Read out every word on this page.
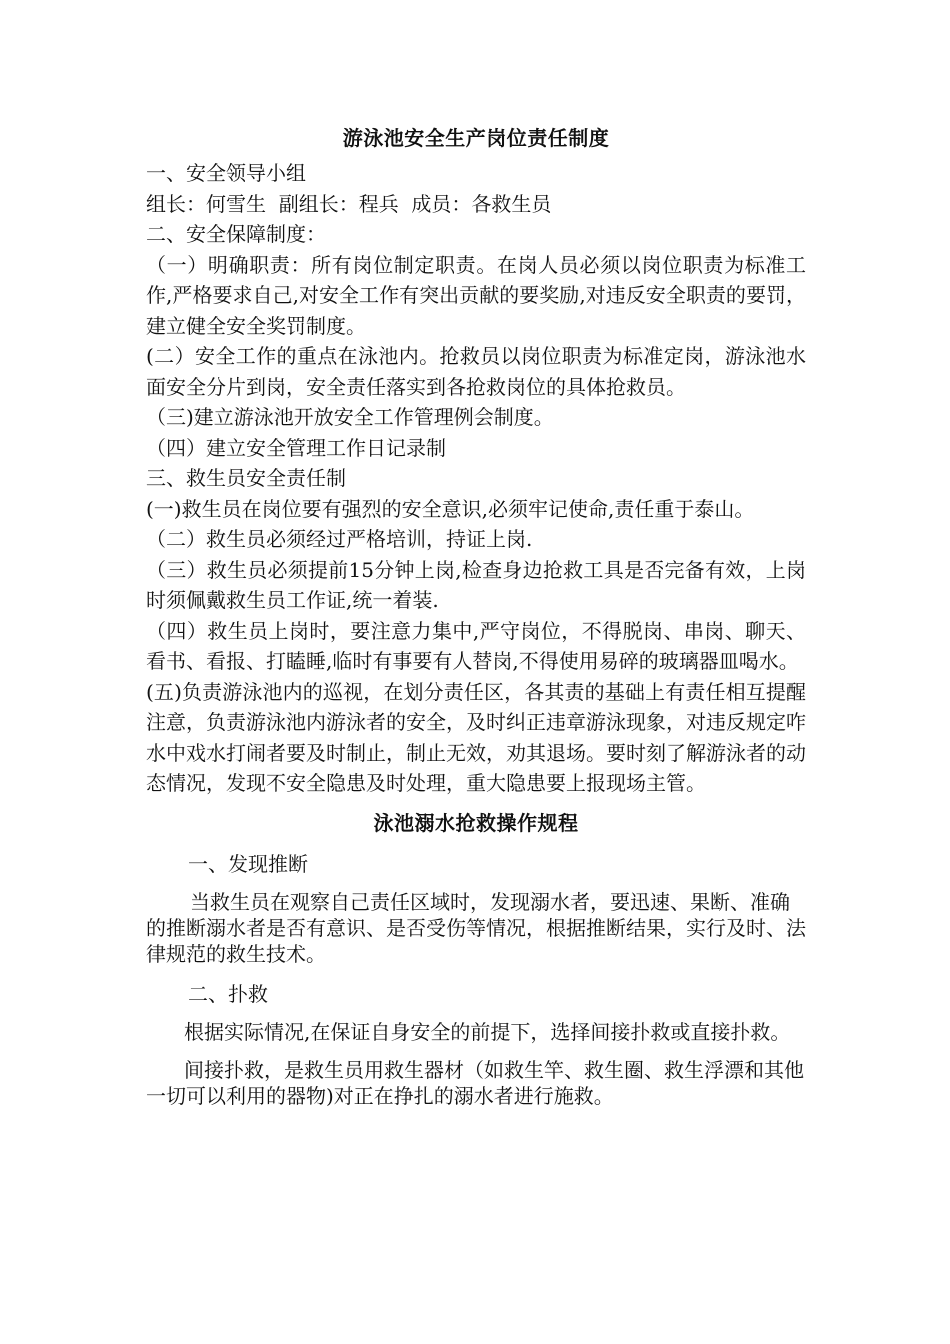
游泳池安全生产岗位责任制度
一、安全领导小组
组长：何雪生  副组长：程兵  成员：各救生员
二、安全保障制度：
（一）明确职责：所有岗位制定职责。在岗人员必须以岗位职责为标准工作,严格要求自己,对安全工作有突出贡献的要奖励,对违反安全职责的要罚，建立健全安全奖罚制度。
(二）安全工作的重点在泳池内。抢救员以岗位职责为标准定岗，游泳池水面安全分片到岗，安全责任落实到各抢救岗位的具体抢救员。
（三)建立游泳池开放安全工作管理例会制度。
（四）建立安全管理工作日记录制
三、救生员安全责任制
(一)救生员在岗位要有强烈的安全意识,必须牢记使命,责任重于泰山。
（二）救生员必须经过严格培训，持证上岗.
（三）救生员必须提前15分钟上岗,检查身边抢救工具是否完备有效，上岗时须佩戴救生员工作证,统一着装.
（四）救生员上岗时，要注意力集中,严守岗位，不得脱岗、串岗、聊天、看书、看报、打瞌睡,临时有事要有人替岗,不得使用易碎的玻璃器皿喝水。
(五)负责游泳池内的巡视，在划分责任区，各其责的基础上有责任相互提醒注意，负责游泳池内游泳者的安全，及时纠正违章游泳现象，对违反规定咋水中戏水打闹者要及时制止，制止无效，劝其退场。要时刻了解游泳者的动态情况，发现不安全隐患及时处理，重大隐患要上报现场主管。
泳池溺水抢救操作规程
一、发现推断
当救生员在观察自己责任区域时，发现溺水者，要迅速、果断、准确的推断溺水者是否有意识、是否受伤等情况，根据推断结果，实行及时、法律规范的救生技术。
二、扑救
根据实际情况,在保证自身安全的前提下，选择间接扑救或直接扑救。
间接扑救，是救生员用救生器材（如救生竿、救生圈、救生浮漂和其他一切可以利用的器物)对正在挣扎的溺水者进行施救。
